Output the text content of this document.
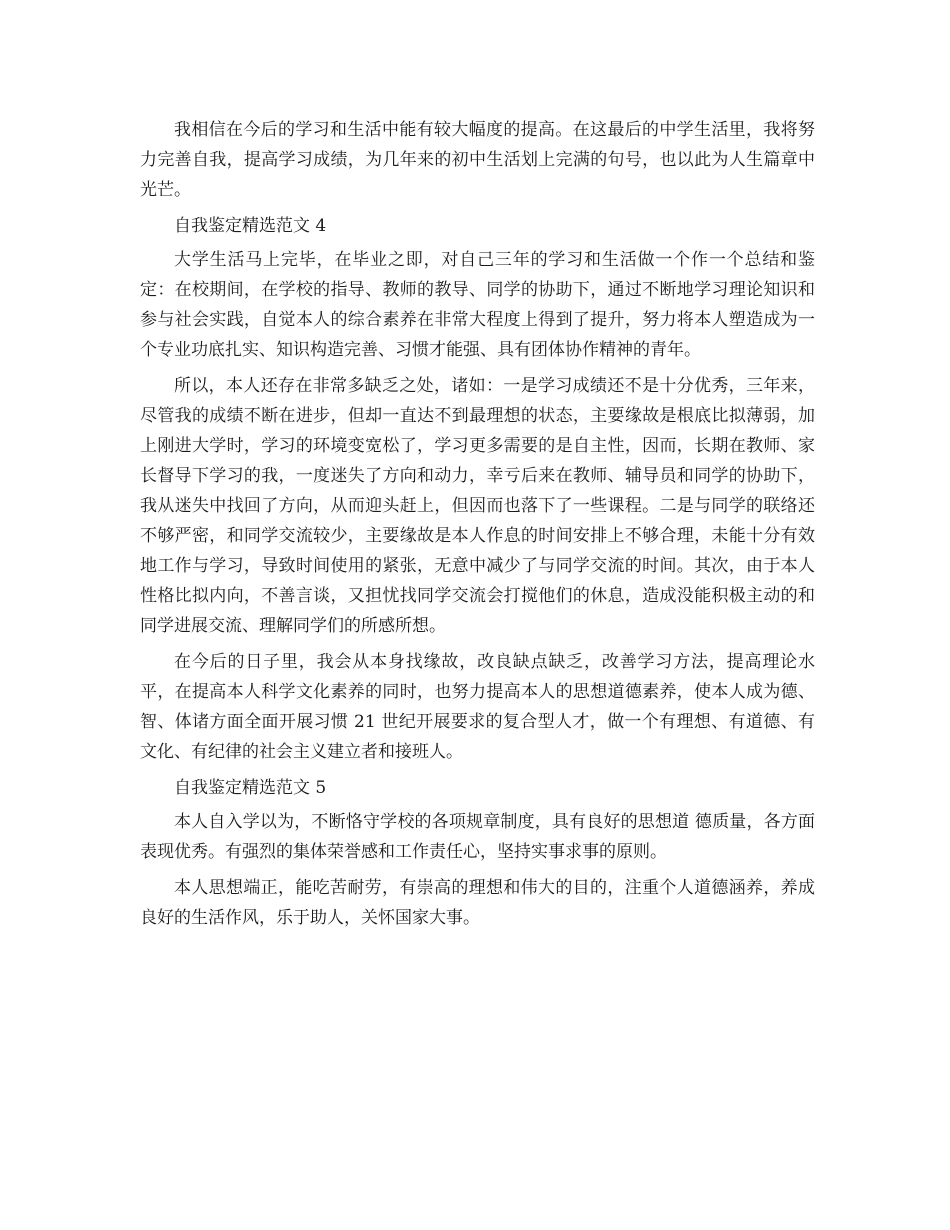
我相信在今后的学习和生活中能有较大幅度的提高。在这最后的中学生活里，我将努力完善自我，提高学习成绩，为几年来的初中生活划上完满的句号，也以此为人生篇章中光芒。

自我鉴定精选范文 4

大学生活马上完毕，在毕业之即，对自己三年的学习和生活做一个作一个总结和鉴定：在校期间，在学校的指导、教师的教导、同学的协助下，通过不断地学习理论知识和参与社会实践，自觉本人的综合素养在非常大程度上得到了提升，努力将本人塑造成为一个专业功底扎实、知识构造完善、习惯才能强、具有团体协作精神的青年。

所以，本人还存在非常多缺乏之处，诸如：一是学习成绩还不是十分优秀，三年来，尽管我的成绩不断在进步，但却一直达不到最理想的状态，主要缘故是根底比拟薄弱，加上刚进大学时，学习的环境变宽松了，学习更多需要的是自主性，因而，长期在教师、家长督导下学习的我，一度迷失了方向和动力，幸亏后来在教师、辅导员和同学的协助下，我从迷失中找回了方向，从而迎头赶上，但因而也落下了一些课程。二是与同学的联络还不够严密，和同学交流较少，主要缘故是本人作息的时间安排上不够合理，未能十分有效地工作与学习，导致时间使用的紧张，无意中减少了与同学交流的时间。其次，由于本人性格比拟内向，不善言谈，又担忧找同学交流会打搅他们的休息，造成没能积极主动的和同学进展交流、理解同学们的所感所想。

在今后的日子里，我会从本身找缘故，改良缺点缺乏，改善学习方法，提高理论水平，在提高本人科学文化素养的同时，也努力提高本人的思想道德素养，使本人成为德、智、体诸方面全面开展习惯 21 世纪开展要求的复合型人才，做一个有理想、有道德、有文化、有纪律的社会主义建立者和接班人。

自我鉴定精选范文 5

本人自入学以为，不断恪守学校的各项规章制度，具有良好的思想道 德质量，各方面表现优秀。有强烈的集体荣誉感和工作责任心，坚持实事求事的原则。

本人思想端正，能吃苦耐劳，有崇高的理想和伟大的目的，注重个人道德涵养，养成良好的生活作风，乐于助人，关怀国家大事。
